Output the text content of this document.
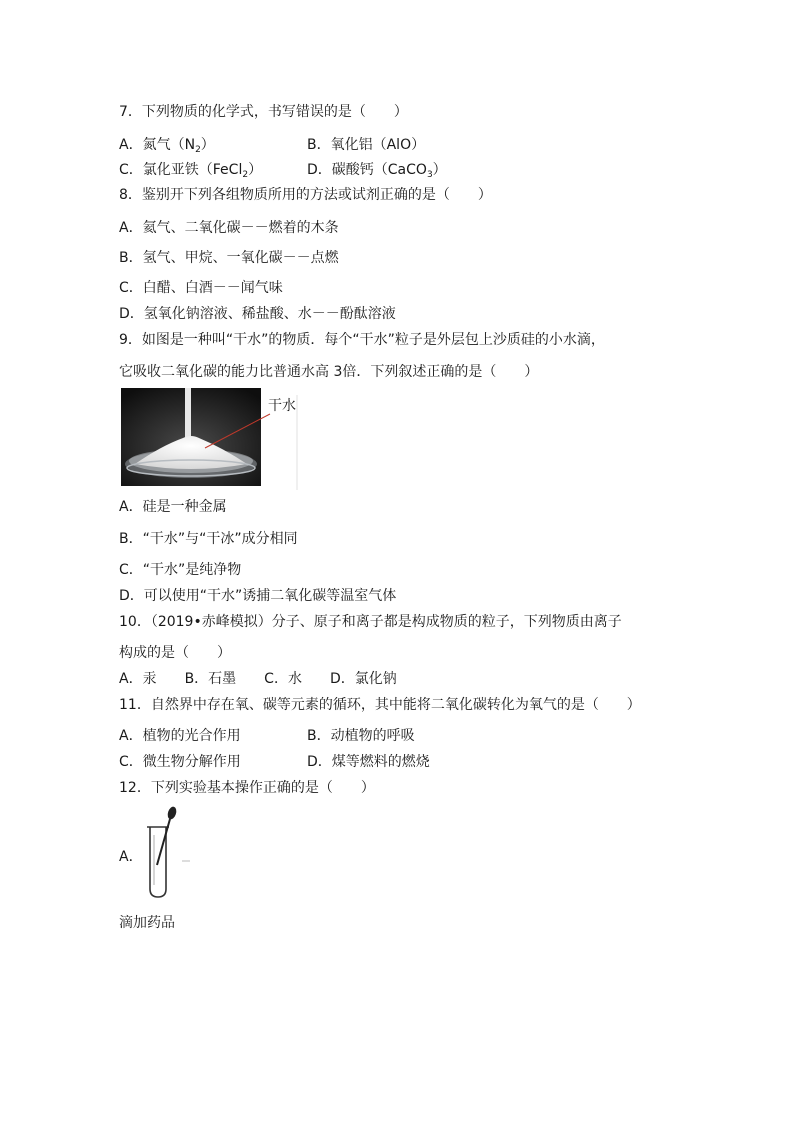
7．下列物质的化学式，书写错误的是（　　）
A．氮气$(N_2)$	B．氧化铝（AlO）
C．氯化亚铁（FeCl$_2$）	D．碳酸钙（CaCO$_3$）
8．鉴别开下列各组物质所用的方法或试剂正确的是（　　）
A．氦气、二氧化碳－－燃着的木条
B．氢气、甲烷、一氧化碳－－点燃
C．白醋、白酒－－闻气味
D．氢氧化钠溶液、稀盐酸、水－－酚酞溶液
9．如图是一种叫“干水”的物质．每个“干水”粒子是外层包上沙质硅的小水滴，
它吸收二氧化碳的能力比普通水高 3倍．下列叙述正确的是（　　）
干水
A．硅是一种金属
B．“干水”与“干冰”成分相同
C．“干水”是纯净物
D．可以使用“干水”诱捕二氧化碳等温室气体
10．（2019•赤峰模拟）分子、原子和离子都是构成物质的粒子，下列物质由离子
构成的是（　　）
A．汞　　B．石墨　　C．水　　D．氯化钠
11．自然界中存在氧、碳等元素的循环，其中能将二氧化碳转化为氧气的是（　　）
A．植物的光合作用	B．动植物的呼吸
C．微生物分解作用	D．煤等燃料的燃烧
12．下列实验基本操作正确的是（　　）
A．
滴加药品
